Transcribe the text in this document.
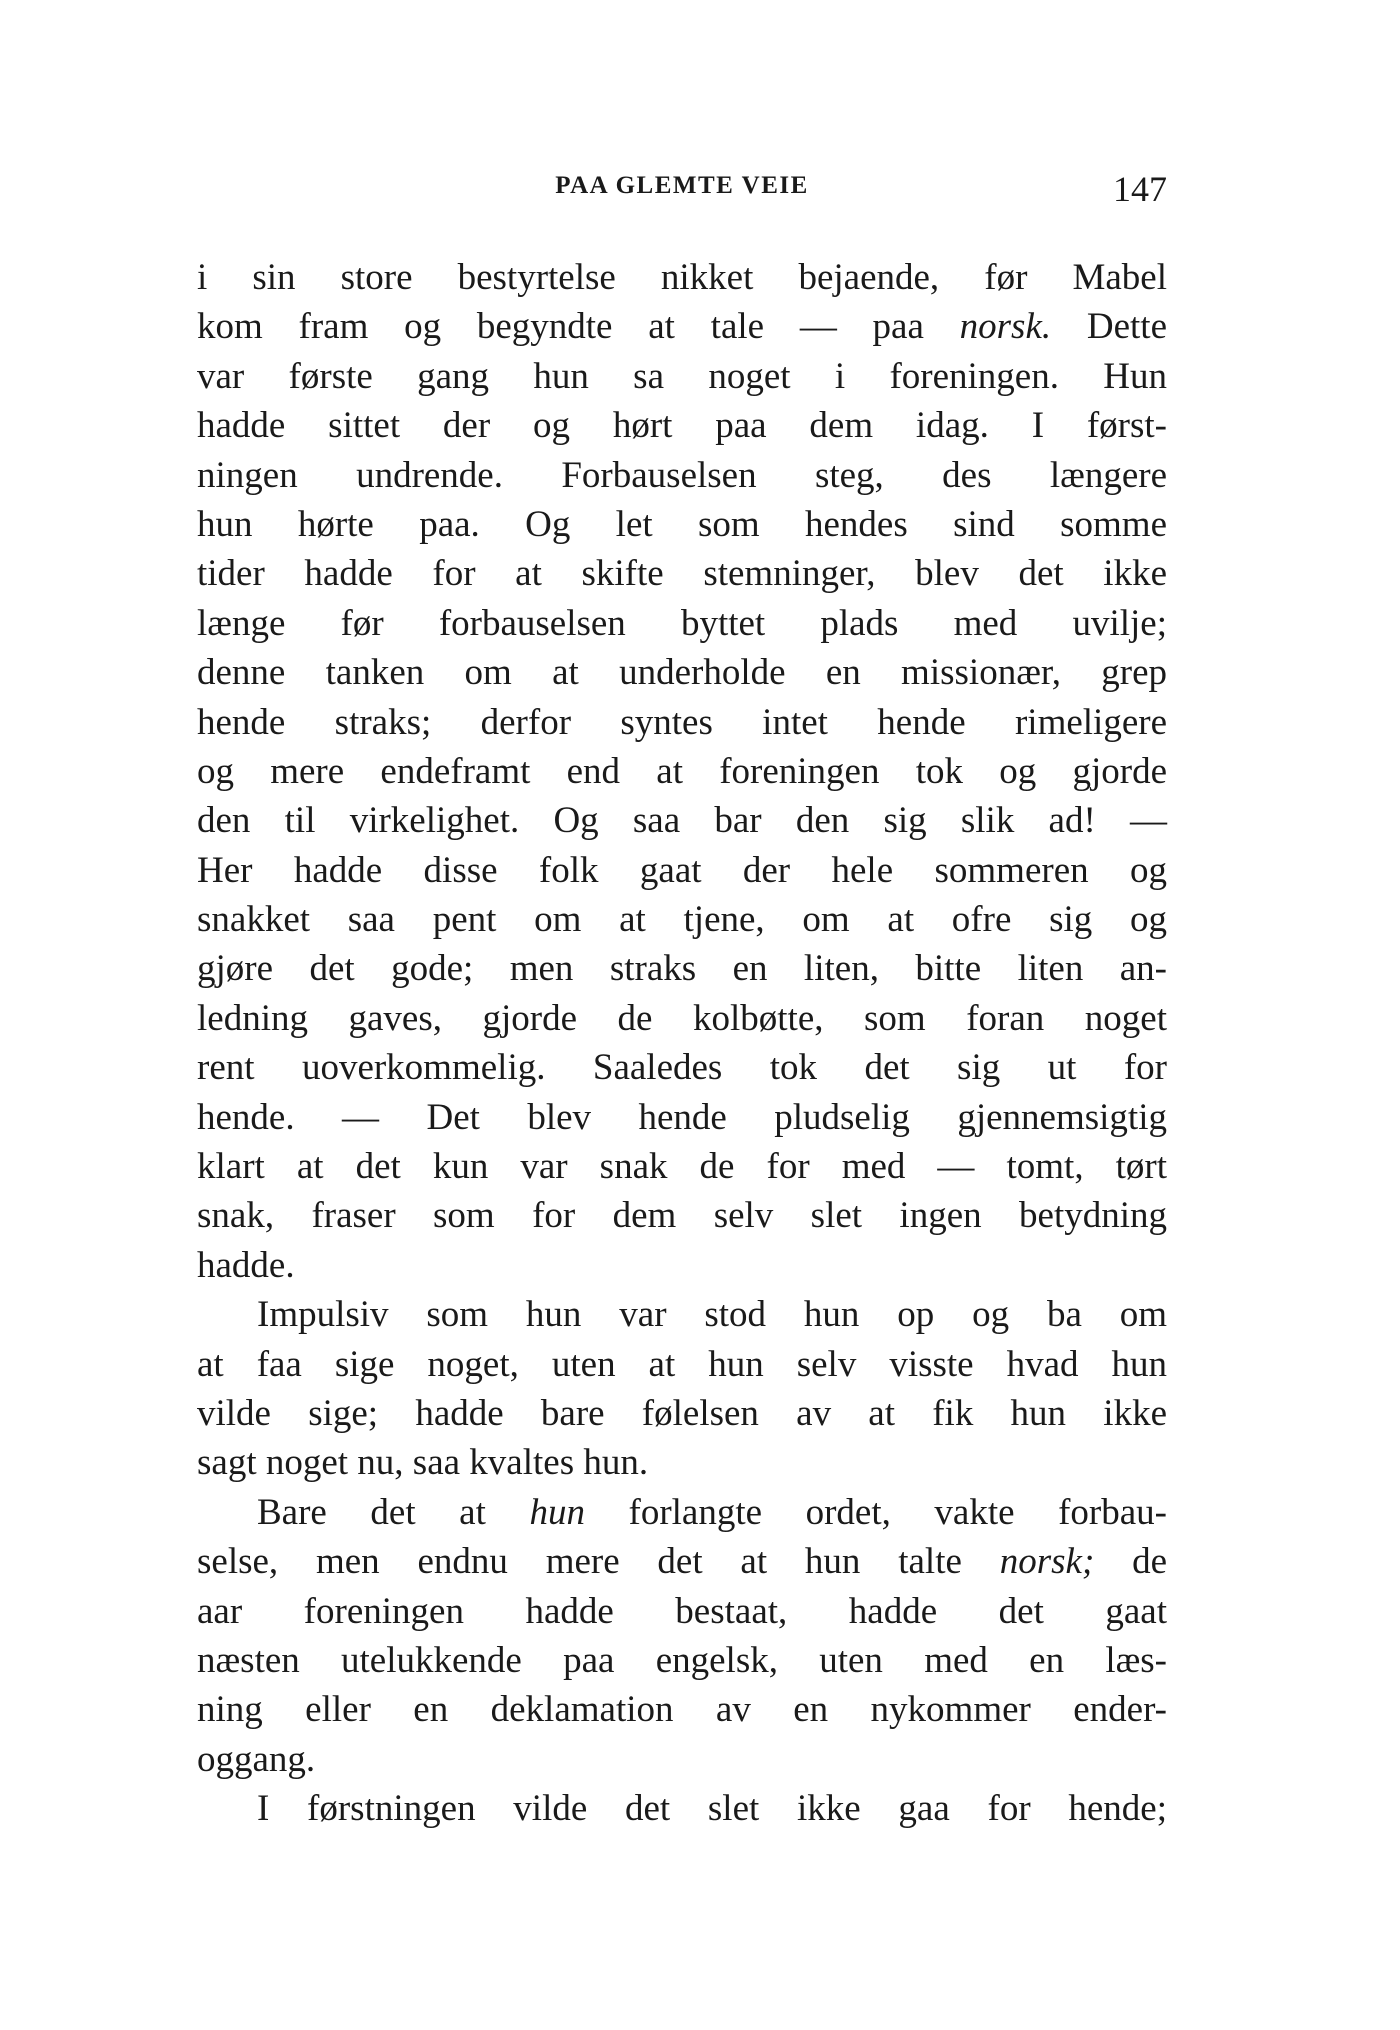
PAA GLEMTE VEIE	147
i sin store bestyrtelse nikket bejaende, før Mabel
kom fram og begyndte at tale — paa norsk. Dette
var første gang hun sa noget i foreningen. Hun
hadde sittet der og hørt paa dem idag. I først-
ningen undrende. Forbauselsen steg, des længere
hun hørte paa. Og let som hendes sind somme
tider hadde for at skifte stemninger, blev det ikke
længe før forbauselsen byttet plads med uvilje;
denne tanken om at underholde en missionær, grep
hende straks; derfor syntes intet hende rimeligere
og mere endeframt end at foreningen tok og gjorde
den til virkelighet. Og saa bar den sig slik ad! —
Her hadde disse folk gaat der hele sommeren og
snakket saa pent om at tjene, om at ofre sig og
gjøre det gode; men straks en liten, bitte liten an-
ledning gaves, gjorde de kolbøtte, som foran noget
rent uoverkommelig. Saaledes tok det sig ut for
hende. — Det blev hende pludselig gjennemsigtig
klart at det kun var snak de for med — tomt, tørt
snak, fraser som for dem selv slet ingen betydning
hadde.
Impulsiv som hun var stod hun op og ba om
at faa sige noget, uten at hun selv visste hvad hun
vilde sige; hadde bare følelsen av at fik hun ikke
sagt noget nu, saa kvaltes hun.
Bare det at hun forlangte ordet, vakte forbau-
selse, men endnu mere det at hun talte norsk; de
aar foreningen hadde bestaat, hadde det gaat
næsten utelukkende paa engelsk, uten med en læs-
ning eller en deklamation av en nykommer ender-
oggang.
I førstningen vilde det slet ikke gaa for hende;
